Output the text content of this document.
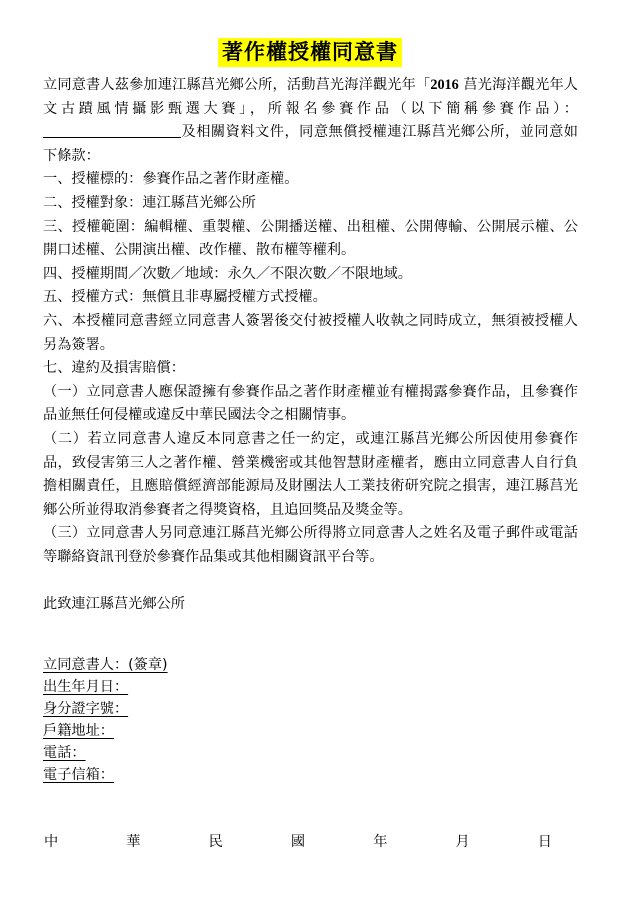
著作權授權同意書

立同意書人茲參加連江縣莒光鄉公所，活動莒光海洋觀光年「2016 莒光海洋觀光年人文古蹟風情攝影甄選大賽」，所報名參賽作品（以下簡稱參賽作品）：及相關資料文件，同意無償授權連江縣莒光鄉公所，並同意如下條款：

一、授權標的：參賽作品之著作財產權。

二、授權對象：連江縣莒光鄉公所

三、授權範圍：編輯權、重製權、公開播送權、出租權、公開傳輸、公開展示權、公開口述權、公開演出權、改作權、散布權等權利。

四、授權期間／次數／地域：永久／不限次數／不限地域。

五、授權方式：無償且非專屬授權方式授權。

六、本授權同意書經立同意書人簽署後交付被授權人收執之同時成立，無須被授權人另為簽署。

七、違約及損害賠償：

（一）立同意書人應保證擁有參賽作品之著作財產權並有權揭露參賽作品，且參賽作品並無任何侵權或違反中華民國法令之相關情事。

（二）若立同意書人違反本同意書之任一約定，或連江縣莒光鄉公所因使用參賽作品，致侵害第三人之著作權、營業機密或其他智慧財產權者，應由立同意書人自行負擔相關責任，且應賠償經濟部能源局及財團法人工業技術研究院之損害，連江縣莒光鄉公所並得取消參賽者之得獎資格，且追回獎品及獎金等。

（三）立同意書人另同意連江縣莒光鄉公所得將立同意書人之姓名及電子郵件或電話等聯絡資訊刊登於參賽作品集或其他相關資訊平台等。

此致連江縣莒光鄉公所
立同意書人：(簽章)
出生年月日：
身分證字號：
戶籍地址：
電話：
電子信箱：
中	華	民	國	年	月	日
